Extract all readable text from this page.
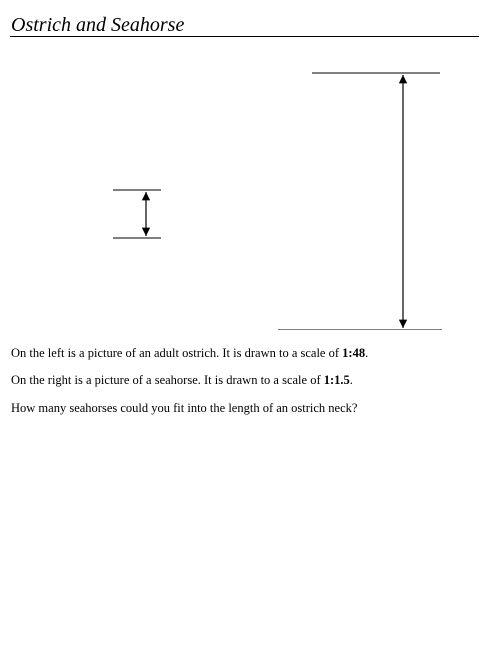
Ostrich and Seahorse

On the left is a picture of an adult ostrich. It is drawn to a scale of 1:48.

On the right is a picture of a seahorse. It is drawn to a scale of 1:1.5.

How many seahorses could you fit into the length of an ostrich neck?
